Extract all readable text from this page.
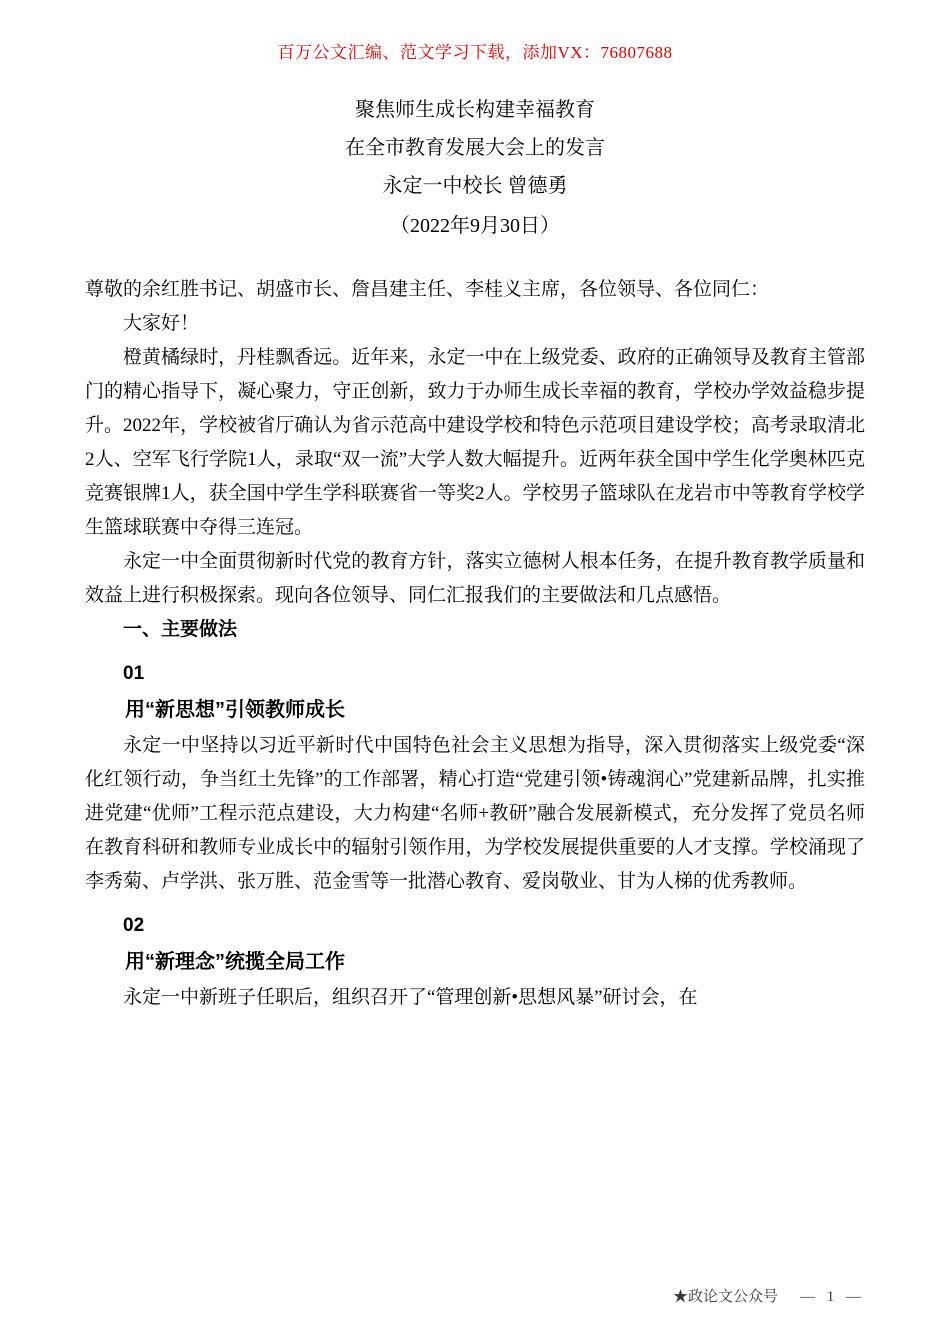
百万公文汇编、范文学习下载，添加VX：76807688

聚焦师生成长构建幸福教育

在全市教育发展大会上的发言

永定一中校长 曾德勇

（2022年9月30日）

尊敬的余红胜书记、胡盛市长、詹昌建主任、李桂义主席，各位领导、各位同仁：

大家好！

橙黄橘绿时，丹桂飘香远。近年来，永定一中在上级党委、政府的正确领导及教育主管部门的精心指导下，凝心聚力，守正创新，致力于办师生成长幸福的教育，学校办学效益稳步提升。2022年，学校被省厅确认为省示范高中建设学校和特色示范项目建设学校；高考录取清北2人、空军飞行学院1人，录取“双一流”大学人数大幅提升。近两年获全国中学生化学奥林匹克竞赛银牌1人，获全国中学生学科联赛省一等奖2人。学校男子篮球队在龙岩市中等教育学校学生篮球联赛中夺得三连冠。

永定一中全面贯彻新时代党的教育方针，落实立德树人根本任务，在提升教育教学质量和效益上进行积极探索。现向各位领导、同仁汇报我们的主要做法和几点感悟。

一、主要做法

01

用“新思想”引领教师成长

永定一中坚持以习近平新时代中国特色社会主义思想为指导，深入贯彻落实上级党委“深化红领行动，争当红土先锋”的工作部署，精心打造“党建引领•铸魂润心”党建新品牌，扎实推进党建“优师”工程示范点建设，大力构建“名师+教研”融合发展新模式，充分发挥了党员名师在教育科研和教师专业成长中的辐射引领作用，为学校发展提供重要的人才支撑。学校涌现了李秀菊、卢学洪、张万胜、范金雪等一批潜心教育、爱岗敬业、甘为人梯的优秀教师。

02

用“新理念”统揽全局工作

永定一中新班子任职后，组织召开了“管理创新•思想风暴”研讨会，在

★政论文公众号 — 1 —
